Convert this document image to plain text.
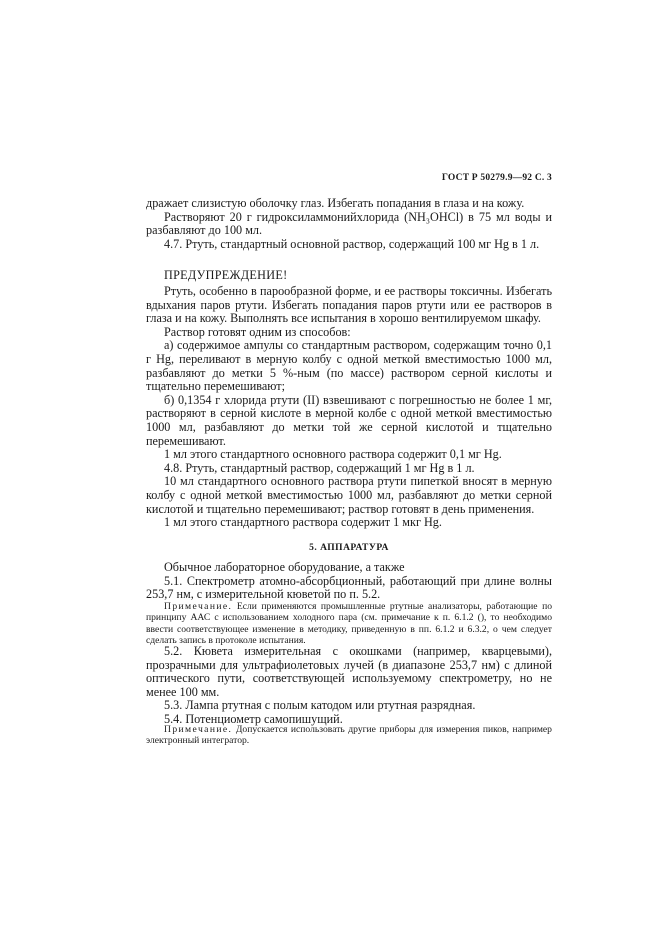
ГОСТ Р 50279.9—92 С. 3

дражает слизистую оболочку глаз. Избегать попадания в глаза и на кожу.

Растворяют 20 г гидроксиламмонийхлорида (NH₃OHCl) в 75 мл воды и разбавляют до 100 мл.

4.7. Ртуть, стандартный основной раствор, содержащий 100 мг Hg в 1 л.

ПРЕДУПРЕЖДЕНИЕ!

Ртуть, особенно в парообразной форме, и ее растворы токсичны. Избегать вдыхания паров ртути. Избегать попадания паров ртути или ее растворов в глаза и на кожу. Выполнять все испытания в хорошо вентилируемом шкафу.

Раствор готовят одним из способов:

а) содержимое ампулы со стандартным раствором, содержащим точно 0,1 г Hg, переливают в мерную колбу с одной меткой вместимостью 1000 мл, разбавляют до метки 5 %-ным (по массе) раствором серной кислоты и тщательно перемешивают;

б) 0,1354 г хлорида ртути (II) взвешивают с погрешностью не более 1 мг, растворяют в серной кислоте в мерной колбе с одной меткой вместимостью 1000 мл, разбавляют до метки той же серной кислотой и тщательно перемешивают.

1 мл этого стандартного основного раствора содержит 0,1 мг Hg.

4.8. Ртуть, стандартный раствор, содержащий 1 мг Hg в 1 л.

10 мл стандартного основного раствора ртути пипеткой вносят в мерную колбу с одной меткой вместимостью 1000 мл, разбавляют до метки серной кислотой и тщательно перемешивают; раствор готовят в день применения.

1 мл этого стандартного раствора содержит 1 мкг Hg.

5. АППАРАТУРА

Обычное лабораторное оборудование, а также

5.1. Спектрометр атомно-абсорбционный, работающий при длине волны 253,7 нм, с измерительной кюветой по п. 5.2.

Примечание. Если применяются промышленные ртутные анализаторы, работающие по принципу ААС с использованием холодного пара (см. примечание к п. 6.1.2 (), то необходимо ввести соответствующее изменение в методику, приведенную в пп. 6.1.2 и 6.3.2, о чем следует сделать запись в протоколе испытания.

5.2. Кювета измерительная с окошками (например, кварцевыми), прозрачными для ультрафиолетовых лучей (в диапазоне 253,7 нм) с длиной оптического пути, соответствующей используемому спектрометру, но не менее 100 мм.

5.3. Лампа ртутная с полым катодом или ртутная разрядная.

5.4. Потенциометр самопишущий.

Примечание. Допускается использовать другие приборы для измерения пиков, например электронный интегратор.
